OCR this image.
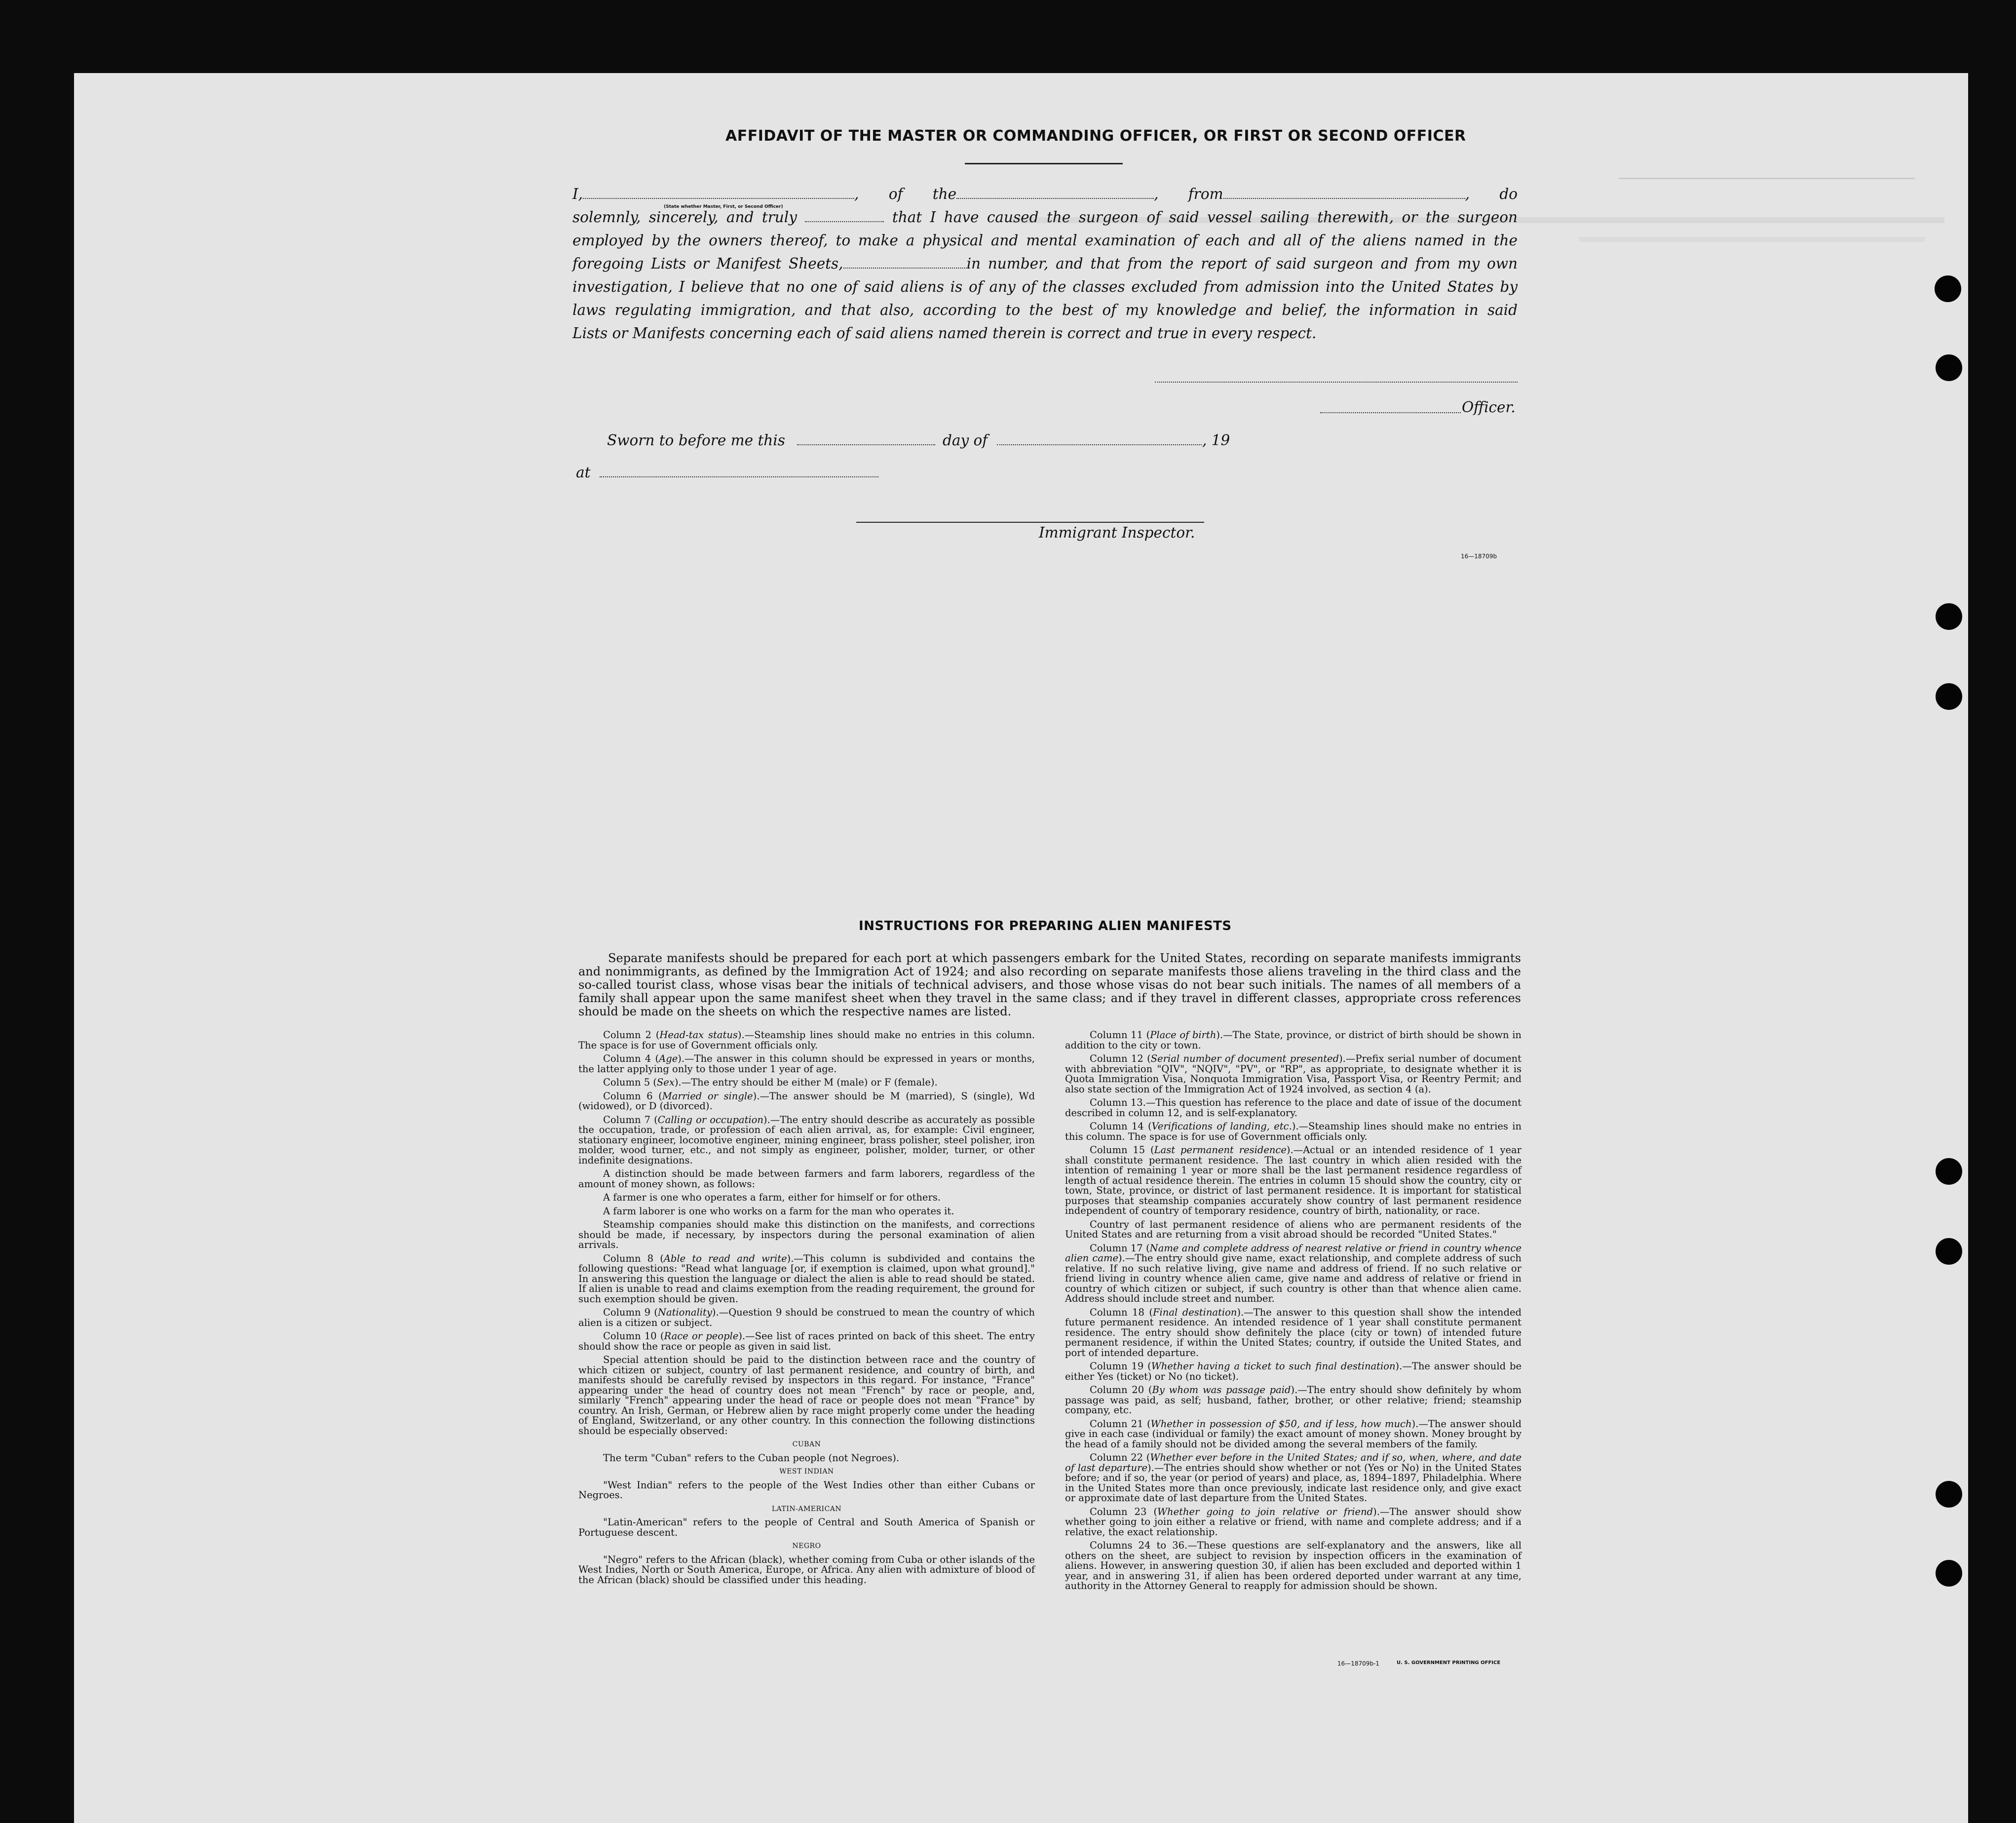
AFFIDAVIT OF THE MASTER OR COMMANDING OFFICER, OR FIRST OR SECOND OFFICER

I,	, of the	, from	, do

solemnly, sincerely, and truly	that I have caused the surgeon of said vessel sailing therewith, or the surgeon

employed by the owners thereof, to make a physical and mental examination of each and all of the aliens named in the

foregoing Lists or Manifest Sheets,	in number, and that from the report of said surgeon and from my own

investigation, I believe that no one of said aliens is of any of the classes excluded from admission into the United States by

laws regulating immigration, and that also, according to the best of my knowledge and belief, the information in said

Lists or Manifests concerning each of said aliens named therein is correct and true in every respect.

(State whether Master, First, or Second Officer)
Officer.
Sworn to before me this	day of	, 19
at
Immigrant Inspector.
16—18709b
INSTRUCTIONS FOR PREPARING ALIEN MANIFESTS

Separate manifests should be prepared for each port at which passengers embark for the United States, recording on separate manifests immigrants and nonimmigrants, as defined by the Immigration Act of 1924; and also recording on separate manifests those aliens traveling in the third class and the so-called tourist class, whose visas bear the initials of technical advisers, and those whose visas do not bear such initials. The names of all members of a family shall appear upon the same manifest sheet when they travel in the same class; and if they travel in different classes, appropriate cross references should be made on the sheets on which the respective names are listed.

Column 2 (Head-tax status).—Steamship lines should make no entries in this column. The space is for use of Government officials only.

Column 4 (Age).—The answer in this column should be expressed in years or months, the latter applying only to those under 1 year of age.

Column 5 (Sex).—The entry should be either M (male) or F (female).

Column 6 (Married or single).—The answer should be M (married), S (single), Wd (widowed), or D (divorced).

Column 7 (Calling or occupation).—The entry should describe as accurately as possible the occupation, trade, or profession of each alien arrival, as, for example: Civil engineer, stationary engineer, locomotive engineer, mining engineer, brass polisher, steel polisher, iron molder, wood turner, etc., and not simply as engineer, polisher, molder, turner, or other indefinite designations.

A distinction should be made between farmers and farm laborers, regardless of the amount of money shown, as follows:

A farmer is one who operates a farm, either for himself or for others.

A farm laborer is one who works on a farm for the man who operates it.

Steamship companies should make this distinction on the manifests, and corrections should be made, if necessary, by inspectors during the personal examination of alien arrivals.

Column 8 (Able to read and write).—This column is subdivided and contains the following questions: "Read what language [or, if exemption is claimed, upon what ground]." In answering this question the language or dialect the alien is able to read should be stated. If alien is unable to read and claims exemption from the reading requirement, the ground for such exemption should be given.

Column 9 (Nationality).—Question 9 should be construed to mean the country of which alien is a citizen or subject.

Column 10 (Race or people).—See list of races printed on back of this sheet. The entry should show the race or people as given in said list.

Special attention should be paid to the distinction between race and the country of which citizen or subject, country of last permanent residence, and country of birth, and manifests should be carefully revised by inspectors in this regard. For instance, "France" appearing under the head of country does not mean "French" by race or people, and, similarly "French" appearing under the head of race or people does not mean "France" by country. An Irish, German, or Hebrew alien by race might properly come under the heading of England, Switzerland, or any other country. In this connection the following distinctions should be especially observed:

CUBAN

The term "Cuban" refers to the Cuban people (not Negroes).

WEST INDIAN

"West Indian" refers to the people of the West Indies other than either Cubans or Negroes.

LATIN-AMERICAN

"Latin-American" refers to the people of Central and South America of Spanish or Portuguese descent.

NEGRO

"Negro" refers to the African (black), whether coming from Cuba or other islands of the West Indies, North or South America, Europe, or Africa. Any alien with admixture of blood of the African (black) should be classified under this heading.

Column 11 (Place of birth).—The State, province, or district of birth should be shown in addition to the city or town.

Column 12 (Serial number of document presented).—Prefix serial number of document with abbreviation "QIV", "NQIV", "PV", or "RP", as appropriate, to designate whether it is Quota Immigration Visa, Nonquota Immigration Visa, Passport Visa, or Reentry Permit; and also state section of the Immigration Act of 1924 involved, as section 4 (a).

Column 13.—This question has reference to the place and date of issue of the document described in column 12, and is self-explanatory.

Column 14 (Verifications of landing, etc.).—Steamship lines should make no entries in this column. The space is for use of Government officials only.

Column 15 (Last permanent residence).—Actual or an intended residence of 1 year shall constitute permanent residence. The last country in which alien resided with the intention of remaining 1 year or more shall be the last permanent residence regardless of length of actual residence therein. The entries in column 15 should show the country, city or town, State, province, or district of last permanent residence. It is important for statistical purposes that steamship companies accurately show country of last permanent residence independent of country of temporary residence, country of birth, nationality, or race.

Country of last permanent residence of aliens who are permanent residents of the United States and are returning from a visit abroad should be recorded "United States."

Column 17 (Name and complete address of nearest relative or friend in country whence alien came).—The entry should give name, exact relationship, and complete address of such relative. If no such relative living, give name and address of friend. If no such relative or friend living in country whence alien came, give name and address of relative or friend in country of which citizen or subject, if such country is other than that whence alien came. Address should include street and number.

Column 18 (Final destination).—The answer to this question shall show the intended future permanent residence. An intended residence of 1 year shall constitute permanent residence. The entry should show definitely the place (city or town) of intended future permanent residence, if within the United States; country, if outside the United States, and port of intended departure.

Column 19 (Whether having a ticket to such final destination).—The answer should be either Yes (ticket) or No (no ticket).

Column 20 (By whom was passage paid).—The entry should show definitely by whom passage was paid, as self; husband, father, brother, or other relative; friend; steamship company, etc.

Column 21 (Whether in possession of $50, and if less, how much).—The answer should give in each case (individual or family) the exact amount of money shown. Money brought by the head of a family should not be divided among the several members of the family.

Column 22 (Whether ever before in the United States; and if so, when, where, and date of last departure).—The entries should show whether or not (Yes or No) in the United States before; and if so, the year (or period of years) and place, as, 1894–1897, Philadelphia. Where in the United States more than once previously, indicate last residence only, and give exact or approximate date of last departure from the United States.

Column 23 (Whether going to join relative or friend).—The answer should show whether going to join either a relative or friend, with name and complete address; and if a relative, the exact relationship.

Columns 24 to 36.—These questions are self-explanatory and the answers, like all others on the sheet, are subject to revision by inspection officers in the examination of aliens. However, in answering question 30, if alien has been excluded and deported within 1 year, and in answering 31, if alien has been ordered deported under warrant at any time, authority in the Attorney General to reapply for admission should be shown.

16—18709b-1	U. S. GOVERNMENT PRINTING OFFICE
